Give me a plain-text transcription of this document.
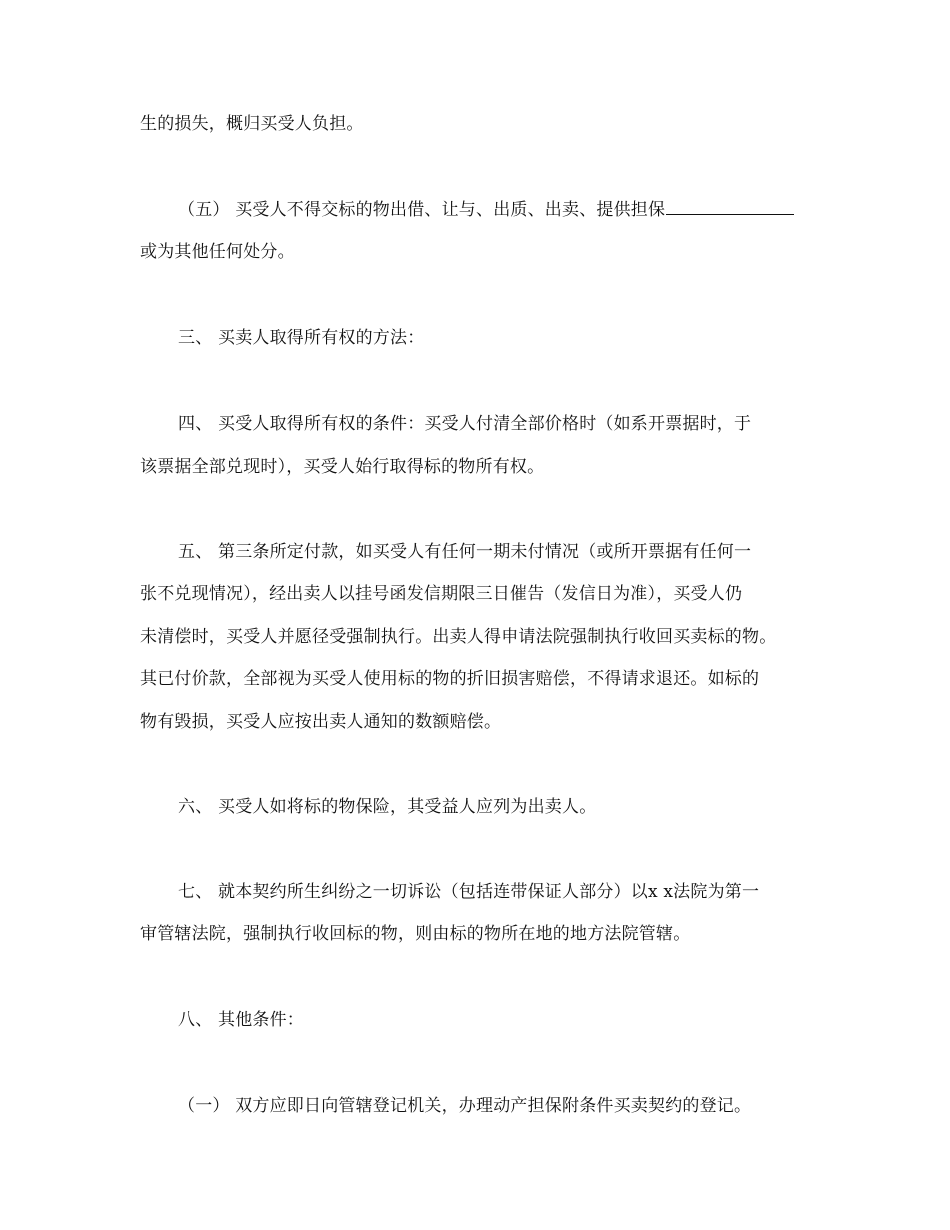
生的损失，概归买受人负担。
（五） 买受人不得交标的物出借、让与、出质、出卖、提供担保
或为其他任何处分。
三、 买卖人取得所有权的方法：
四、 买受人取得所有权的条件：买受人付清全部价格时（如系开票据时，于
该票据全部兑现时），买受人始行取得标的物所有权。
五、 第三条所定付款，如买受人有任何一期未付情况（或所开票据有任何一
张不兑现情况），经出卖人以挂号函发信期限三日催告（发信日为准），买受人仍
未清偿时，买受人并愿径受强制执行。出卖人得申请法院强制执行收回买卖标的物。
其已付价款，全部视为买受人使用标的物的折旧损害赔偿，不得请求退还。如标的
物有毁损，买受人应按出卖人通知的数额赔偿。
六、 买受人如将标的物保险，其受益人应列为出卖人。
七、 就本契约所生纠纷之一切诉讼（包括连带保证人部分）以x x法院为第一
审管辖法院，强制执行收回标的物，则由标的物所在地的地方法院管辖。
八、 其他条件：
（一） 双方应即日向管辖登记机关，办理动产担保附条件买卖契约的登记。
